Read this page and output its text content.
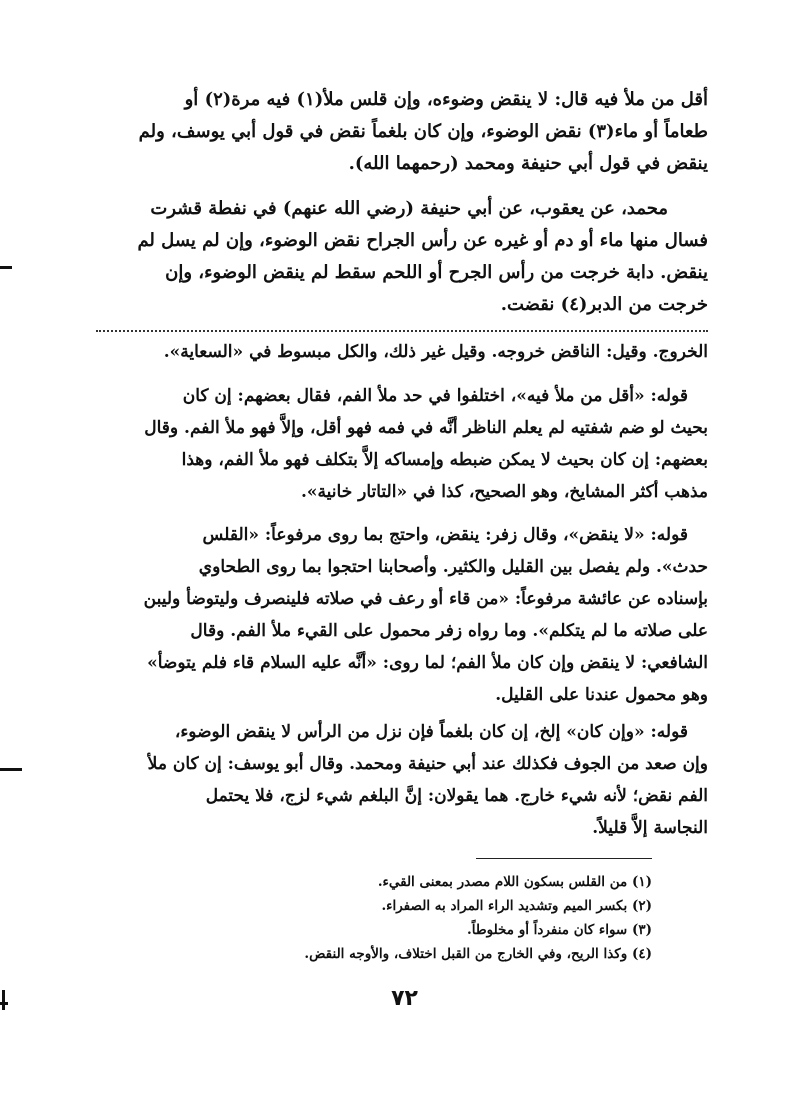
أقل من ملأ فيه قال: لا ينقض وضوءه، وإن قلس ملأ(١) فيه مرة(٢) أو
طعاماً أو ماء(٣) نقض الوضوء، وإن كان بلغماً نقض في قول أبي يوسف، ولم
ينقض في قول أبي حنيفة ومحمد (رحمهما الله).
محمد، عن يعقوب، عن أبي حنيفة (رضي الله عنهم) في نفطة قشرت
فسال منها ماء أو دم أو غيره عن رأس الجراح نقض الوضوء، وإن لم يسل لم
ينقض. دابة خرجت من رأس الجرح أو اللحم سقط لم ينقض الوضوء، وإن
خرجت من الدبر(٤) نقضت.
الخروج. وقيل: الناقض خروجه. وقيل غير ذلك، والكل مبسوط في «السعاية».
قوله: «أقل من ملأ فيه»، اختلفوا في حد ملأ الفم، فقال بعضهم: إن كان
بحيث لو ضم شفتيه لم يعلم الناظر أنَّه في فمه فهو أقل، وإلاَّ فهو ملأ الفم. وقال
بعضهم: إن كان بحيث لا يمكن ضبطه وإمساكه إلاَّ بتكلف فهو ملأ الفم، وهذا
مذهب أكثر المشايخ، وهو الصحيح، كذا في «التاتار خانية».
قوله: «لا ينقض»، وقال زفر: ينقض، واحتج بما روى مرفوعاً: «القلس
حدث». ولم يفصل بين القليل والكثير. وأصحابنا احتجوا بما روى الطحاوي
بإسناده عن عائشة مرفوعاً: «من قاء أو رعف في صلاته فلينصرف وليتوضأ وليبن
على صلاته ما لم يتكلم». وما رواه زفر محمول على القيء ملأ الفم. وقال
الشافعي: لا ينقض وإن كان ملأ الفم؛ لما روى: «أنَّه عليه السلام قاء فلم يتوضأ»
وهو محمول عندنا على القليل.
قوله: «وإن كان» إلخ، إن كان بلغماً فإن نزل من الرأس لا ينقض الوضوء،
وإن صعد من الجوف فكذلك عند أبي حنيفة ومحمد. وقال أبو يوسف: إن كان ملأ
الفم نقض؛ لأنه شيء خارج. هما يقولان: إنَّ البلغم شيء لزج، فلا يحتمل
النجاسة إلاَّ قليلاً.
(١) من القلس بسكون اللام مصدر بمعنى القيء.
(٢) بكسر الميم وتشديد الراء المراد به الصفراء.
(٣) سواء كان منفرداً أو مخلوطاً.
(٤) وكذا الريح، وفي الخارج من القبل اختلاف، والأوجه النقض.
٧٢
